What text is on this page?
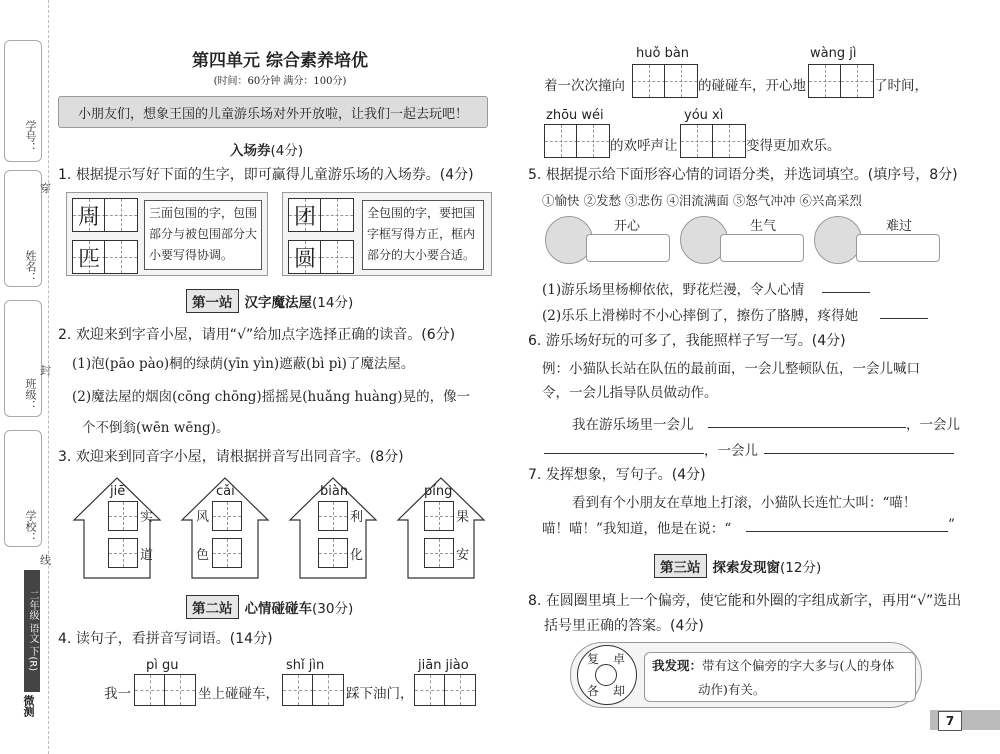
学号：
姓名：
班级：
学校：
穿
封
线
二年级 语文 下(R)
微测
第四单元 综合素养培优
(时间：60分钟 满分：100分)
小朋友们，想象王国的儿童游乐场对外开放啦，让我们一起去玩吧！
入场券(4分)
1. 根据提示写好下面的生字，即可赢得儿童游乐场的入场券。(4分)
周
匹
三面包围的字，包围部分与被包围部分大小要写得协调。
团
圆
全包围的字，要把国字框写得方正，框内部分的大小要合适。
第一站 汉字魔法屋(14分)
2. 欢迎来到字音小屋，请用“√”给加点字选择正确的读音。(6分)
(1)泡(pāo pào)桐的绿荫(yīn yìn)遮蔽(bì pì)了魔法屋。
(2)魔法屋的烟囱(cōng chōng)摇摇晃(huǎng huàng)晃的，像一
个不倒翁(wēn wēng)。
3. 欢迎来到同音字小屋，请根据拼音写出同音字。(8分)
jiē
实
道
cǎi
风
色
biàn
利
化
píng
果
安
第二站 心情碰碰车(30分)
4. 读句子，看拼音写词语。(14分)
pì gu	shǐ jìn	jiān jiào
我一	坐上碰碰车，	踩下油门，
huǒ bàn	wàng jì
着一次次撞向	的碰碰车，开心地	了时间，
zhōu wéi	yóu xì
的欢呼声让	变得更加欢乐。
5. 根据提示给下面形容心情的词语分类，并选词填空。(填序号，8分)
①愉快 ②发愁 ③悲伤 ④泪流满面 ⑤怒气冲冲 ⑥兴高采烈
开心	生气	难过
(1)游乐场里杨柳依依，野花烂漫，令人心情
(2)乐乐上滑梯时不小心摔倒了，擦伤了胳膊，疼得她
6. 游乐场好玩的可多了，我能照样子写一写。(4分)
例：小猫队长站在队伍的最前面，一会儿整顿队伍，一会儿喊口
令，一会儿指导队员做动作。
我在游乐场里一会儿	，一会儿
，一会儿
7. 发挥想象，写句子。(4分)
看到有个小朋友在草地上打滚，小猫队长连忙大叫：“喵！
喵！喵！”我知道，他是在说：“	”
第三站 探索发现窗(12分)
8. 在圆圈里填上一个偏旁，使它能和外圈的字组成新字，再用“√”选出
括号里正确的答案。(4分)
复 卓
各 却
我发现：带有这个偏旁的字大多与(人的身体
动作)有关。
7
